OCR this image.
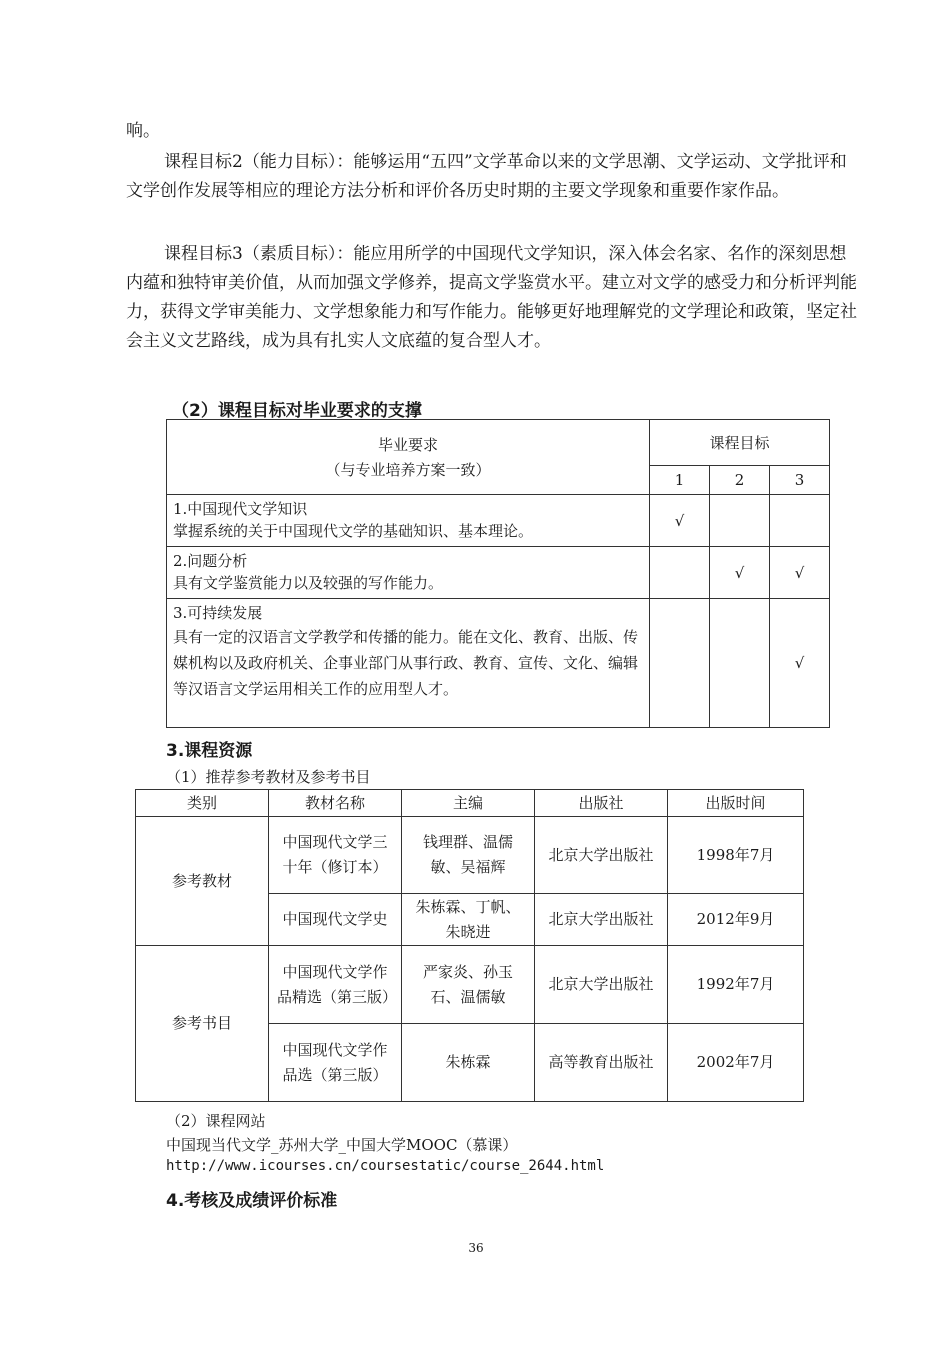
响。

课程目标2（能力目标）：能够运用“五四”文学革命以来的文学思潮、文学运动、文学批评和文学创作发展等相应的理论方法分析和评价各历史时期的主要文学现象和重要作家作品。

课程目标3（素质目标）：能应用所学的中国现代文学知识，深入体会名家、名作的深刻思想内蕴和独特审美价值，从而加强文学修养，提高文学鉴赏水平。建立对文学的感受力和分析评判能力，获得文学审美能力、文学想象能力和写作能力。能够更好地理解党的文学理论和政策，坚定社会主义文艺路线，成为具有扎实人文底蕴的复合型人才。

（2）课程目标对毕业要求的支撑

毕业要求
（与专业培养方案一致）	课程目标		
	1	2	3

1.中国现代文学知识
掌握系统的关于中国现代文学的基础知识、基本理论。	√		

2.问题分析
具有文学鉴赏能力以及较强的写作能力。		√	√

3.可持续发展
具有一定的汉语言文学教学和传播的能力。能在文化、教育、出版、传媒机构以及政府机关、企事业部门从事行政、教育、宣传、文化、编辑等汉语言文学运用相关工作的应用型人才。			√

3.课程资源

（1）推荐参考教材及参考书目

类别	教材名称	主编	出版社	出版时间
参考教材	中国现代文学三十年（修订本）	钱理群、温儒敏、吴福辉	北京大学出版社	1998年7月
	中国现代文学史	朱栋霖、丁帆、朱晓进	北京大学出版社	2012年9月
参考书目	中国现代文学作品精选（第三版）	严家炎、孙玉石、温儒敏	北京大学出版社	1992年7月
	中国现代文学作品选（第三版）	朱栋霖	高等教育出版社	2002年7月

（2）课程网站

中国现当代文学_苏州大学_中国大学MOOC（慕课）

http://www.icourses.cn/coursestatic/course_2644.html

4.考核及成绩评价标准

36
